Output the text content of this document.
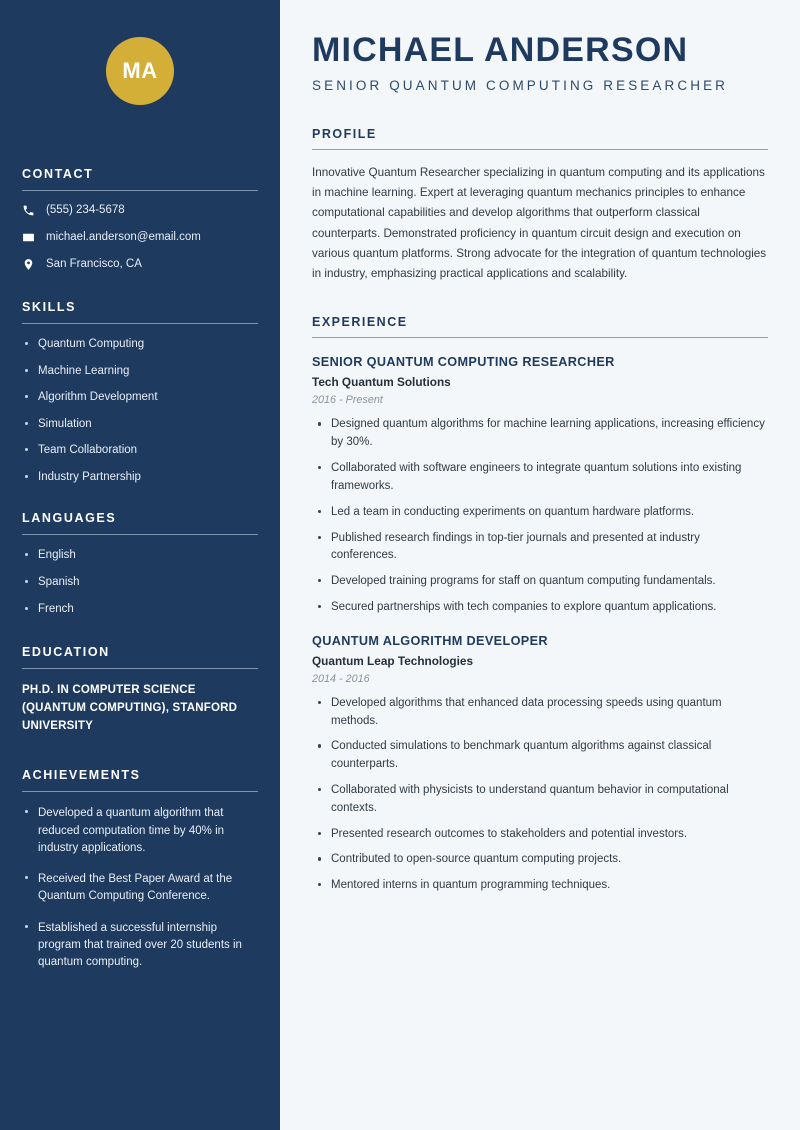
MA
CONTACT
(555) 234-5678
michael.anderson@email.com
San Francisco, CA
SKILLS
Quantum Computing
Machine Learning
Algorithm Development
Simulation
Team Collaboration
Industry Partnership
LANGUAGES
English
Spanish
French
EDUCATION
PH.D. IN COMPUTER SCIENCE (QUANTUM COMPUTING), STANFORD UNIVERSITY
ACHIEVEMENTS
Developed a quantum algorithm that reduced computation time by 40% in industry applications.
Received the Best Paper Award at the Quantum Computing Conference.
Established a successful internship program that trained over 20 students in quantum computing.
MICHAEL ANDERSON
SENIOR QUANTUM COMPUTING RESEARCHER
PROFILE

Innovative Quantum Researcher specializing in quantum computing and its applications in machine learning. Expert at leveraging quantum mechanics principles to enhance computational capabilities and develop algorithms that outperform classical counterparts. Demonstrated proficiency in quantum circuit design and execution on various quantum platforms. Strong advocate for the integration of quantum technologies in industry, emphasizing practical applications and scalability.

EXPERIENCE
SENIOR QUANTUM COMPUTING RESEARCHER
Tech Quantum Solutions
2016 - Present
Designed quantum algorithms for machine learning applications, increasing efficiency by 30%.
Collaborated with software engineers to integrate quantum solutions into existing frameworks.
Led a team in conducting experiments on quantum hardware platforms.
Published research findings in top-tier journals and presented at industry conferences.
Developed training programs for staff on quantum computing fundamentals.
Secured partnerships with tech companies to explore quantum applications.
QUANTUM ALGORITHM DEVELOPER
Quantum Leap Technologies
2014 - 2016
Developed algorithms that enhanced data processing speeds using quantum methods.
Conducted simulations to benchmark quantum algorithms against classical counterparts.
Collaborated with physicists to understand quantum behavior in computational contexts.
Presented research outcomes to stakeholders and potential investors.
Contributed to open-source quantum computing projects.
Mentored interns in quantum programming techniques.
